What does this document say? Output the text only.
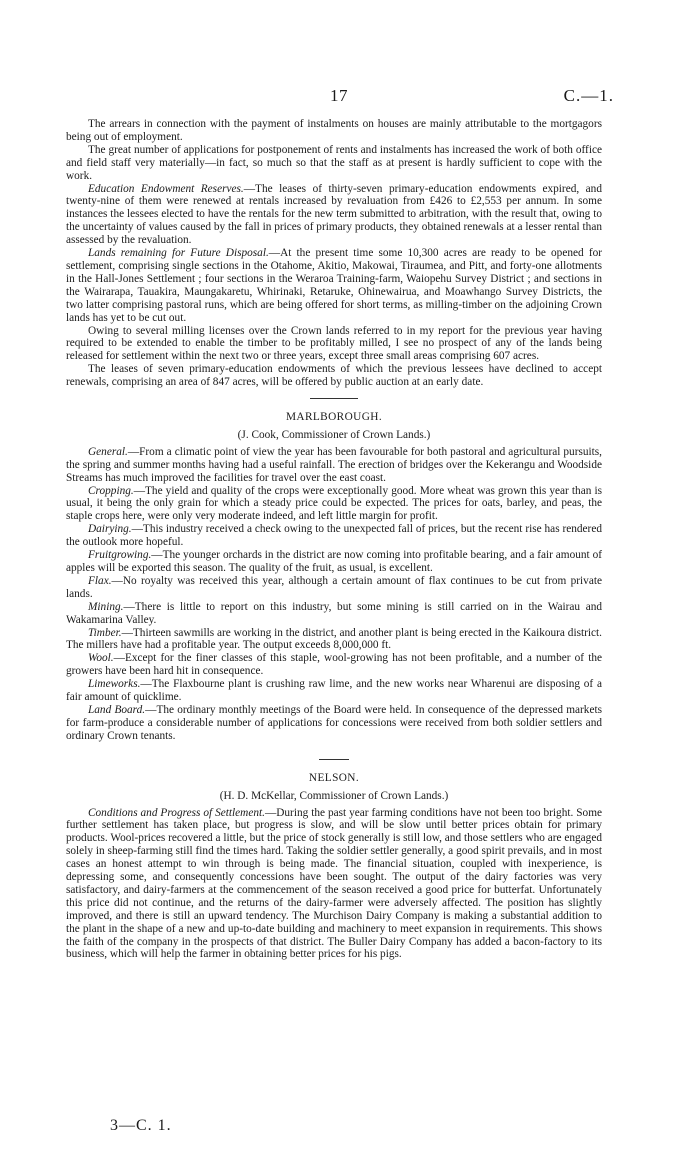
17	C.—1.

The arrears in connection with the payment of instalments on houses are mainly attributable to the mortgagors being out of employment.

The great number of applications for postponement of rents and instalments has increased the work of both office and field staff very materially—in fact, so much so that the staff as at present is hardly sufficient to cope with the work.

Education Endowment Reserves.—The leases of thirty-seven primary-education endowments expired, and twenty-nine of them were renewed at rentals increased by revaluation from £426 to £2,553 per annum. In some instances the lessees elected to have the rentals for the new term submitted to arbitration, with the result that, owing to the uncertainty of values caused by the fall in prices of primary products, they obtained renewals at a lesser rental than assessed by the revaluation.

Lands remaining for Future Disposal.—At the present time some 10,300 acres are ready to be opened for settlement, comprising single sections in the Otahome, Akitio, Makowai, Tiraumea, and Pitt, and forty-one allotments in the Hall-Jones Settlement ; four sections in the Weraroa Training-farm, Waiopehu Survey District ; and sections in the Wairarapa, Tauakira, Maungakaretu, Whirinaki, Retaruke, Ohinewairua, and Moawhango Survey Districts, the two latter comprising pastoral runs, which are being offered for short terms, as milling-timber on the adjoining Crown lands has yet to be cut out.

Owing to several milling licenses over the Crown lands referred to in my report for the previous year having required to be extended to enable the timber to be profitably milled, I see no prospect of any of the lands being released for settlement within the next two or three years, except three small areas comprising 607 acres.

The leases of seven primary-education endowments of which the previous lessees have declined to accept renewals, comprising an area of 847 acres, will be offered by public auction at an early date.

MARLBOROUGH.
(J. Cook, Commissioner of Crown Lands.)

General.—From a climatic point of view the year has been favourable for both pastoral and agricultural pursuits, the spring and summer months having had a useful rainfall. The erection of bridges over the Kekerangu and Woodside Streams has much improved the facilities for travel over the east coast.

Cropping.—The yield and quality of the crops were exceptionally good. More wheat was grown this year than is usual, it being the only grain for which a steady price could be expected. The prices for oats, barley, and peas, the staple crops here, were only very moderate indeed, and left little margin for profit.

Dairying.—This industry received a check owing to the unexpected fall of prices, but the recent rise has rendered the outlook more hopeful.

Fruitgrowing.—The younger orchards in the district are now coming into profitable bearing, and a fair amount of apples will be exported this season. The quality of the fruit, as usual, is excellent.

Flax.—No royalty was received this year, although a certain amount of flax continues to be cut from private lands.

Mining.—There is little to report on this industry, but some mining is still carried on in the Wairau and Wakamarina Valley.

Timber.—Thirteen sawmills are working in the district, and another plant is being erected in the Kaikoura district. The millers have had a profitable year. The output exceeds 8,000,000 ft.

Wool.—Except for the finer classes of this staple, wool-growing has not been profitable, and a number of the growers have been hard hit in consequence.

Limeworks.—The Flaxbourne plant is crushing raw lime, and the new works near Wharenui are disposing of a fair amount of quicklime.

Land Board.—The ordinary monthly meetings of the Board were held. In consequence of the depressed markets for farm-produce a considerable number of applications for concessions were received from both soldier settlers and ordinary Crown tenants.

NELSON.
(H. D. McKellar, Commissioner of Crown Lands.)

Conditions and Progress of Settlement.—During the past year farming conditions have not been too bright. Some further settlement has taken place, but progress is slow, and will be slow until better prices obtain for primary products. Wool-prices recovered a little, but the price of stock generally is still low, and those settlers who are engaged solely in sheep-farming still find the times hard. Taking the soldier settler generally, a good spirit prevails, and in most cases an honest attempt to win through is being made. The financial situation, coupled with inexperience, is depressing some, and consequently concessions have been sought. The output of the dairy factories was very satisfactory, and dairy-farmers at the commencement of the season received a good price for butterfat. Unfortunately this price did not continue, and the returns of the dairy-farmer were adversely affected. The position has slightly improved, and there is still an upward tendency. The Murchison Dairy Company is making a substantial addition to the plant in the shape of a new and up-to-date building and machinery to meet expansion in requirements. This shows the faith of the company in the prospects of that district. The Buller Dairy Company has added a bacon-factory to its business, which will help the farmer in obtaining better prices for his pigs.

3—C. 1.
